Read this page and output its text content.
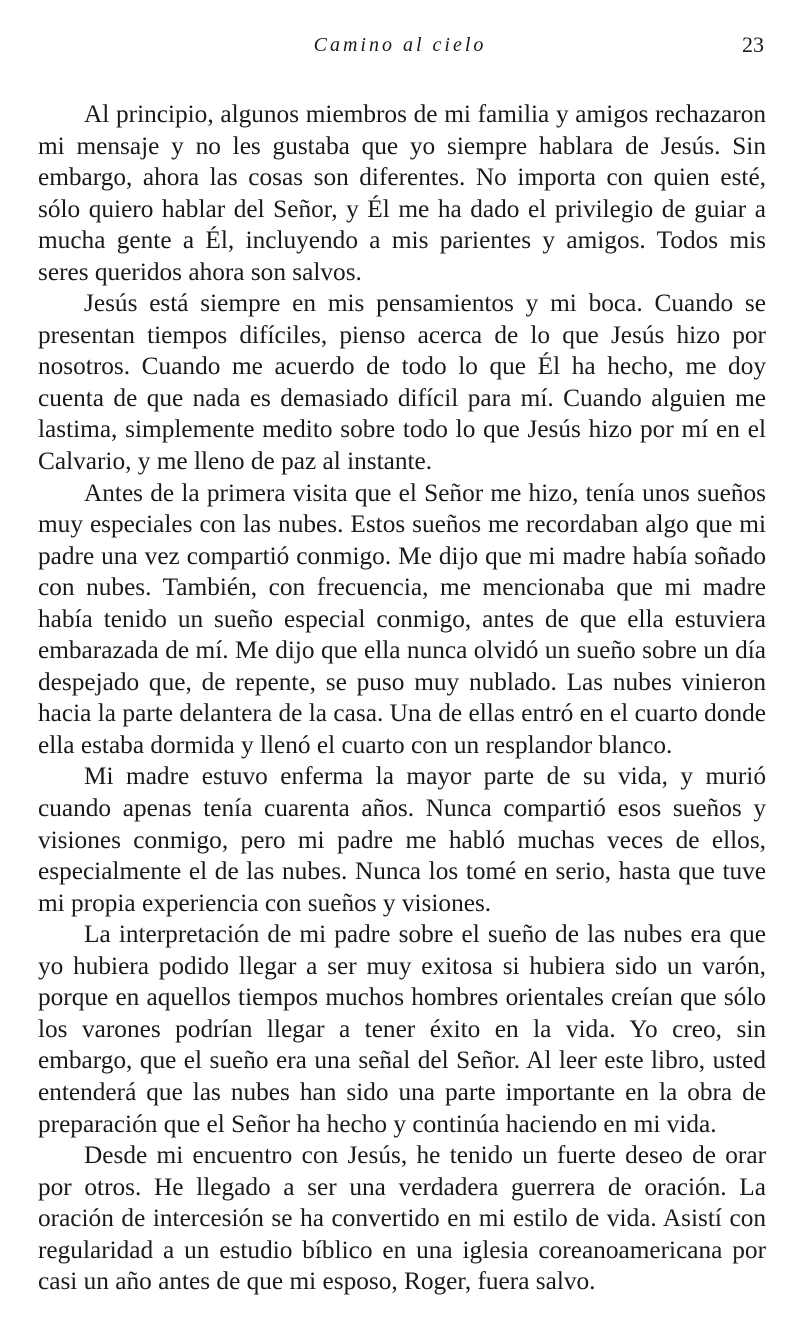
Camino al cielo	23

Al principio, algunos miembros de mi familia y amigos rechazaron mi mensaje y no les gustaba que yo siempre hablara de Jesús. Sin embargo, ahora las cosas son diferentes. No importa con quien esté, sólo quiero hablar del Señor, y Él me ha dado el privilegio de guiar a mucha gente a Él, incluyendo a mis parientes y amigos. Todos mis seres queridos ahora son salvos.

Jesús está siempre en mis pensamientos y mi boca. Cuando se presentan tiempos difíciles, pienso acerca de lo que Jesús hizo por nosotros. Cuando me acuerdo de todo lo que Él ha hecho, me doy cuenta de que nada es demasiado difícil para mí. Cuando alguien me lastima, simplemente medito sobre todo lo que Jesús hizo por mí en el Calvario, y me lleno de paz al instante.

Antes de la primera visita que el Señor me hizo, tenía unos sueños muy especiales con las nubes. Estos sueños me recordaban algo que mi padre una vez compartió conmigo. Me dijo que mi madre había soñado con nubes. También, con frecuencia, me mencionaba que mi madre había tenido un sueño especial conmigo, antes de que ella estuviera embarazada de mí. Me dijo que ella nunca olvidó un sueño sobre un día despejado que, de repente, se puso muy nublado. Las nubes vinieron hacia la parte delantera de la casa. Una de ellas entró en el cuarto donde ella estaba dormida y llenó el cuarto con un resplandor blanco.

Mi madre estuvo enferma la mayor parte de su vida, y murió cuando apenas tenía cuarenta años. Nunca compartió esos sueños y visiones conmigo, pero mi padre me habló muchas veces de ellos, especialmente el de las nubes. Nunca los tomé en serio, hasta que tuve mi propia experiencia con sueños y visiones.

La interpretación de mi padre sobre el sueño de las nubes era que yo hubiera podido llegar a ser muy exitosa si hubiera sido un varón, porque en aquellos tiempos muchos hombres orientales creían que sólo los varones podrían llegar a tener éxito en la vida. Yo creo, sin embargo, que el sueño era una señal del Señor. Al leer este libro, usted entenderá que las nubes han sido una parte importante en la obra de preparación que el Señor ha hecho y continúa haciendo en mi vida.

Desde mi encuentro con Jesús, he tenido un fuerte deseo de orar por otros. He llegado a ser una verdadera guerrera de oración. La oración de intercesión se ha convertido en mi estilo de vida. Asistí con regularidad a un estudio bíblico en una iglesia coreanoamericana por casi un año antes de que mi esposo, Roger, fuera salvo.
